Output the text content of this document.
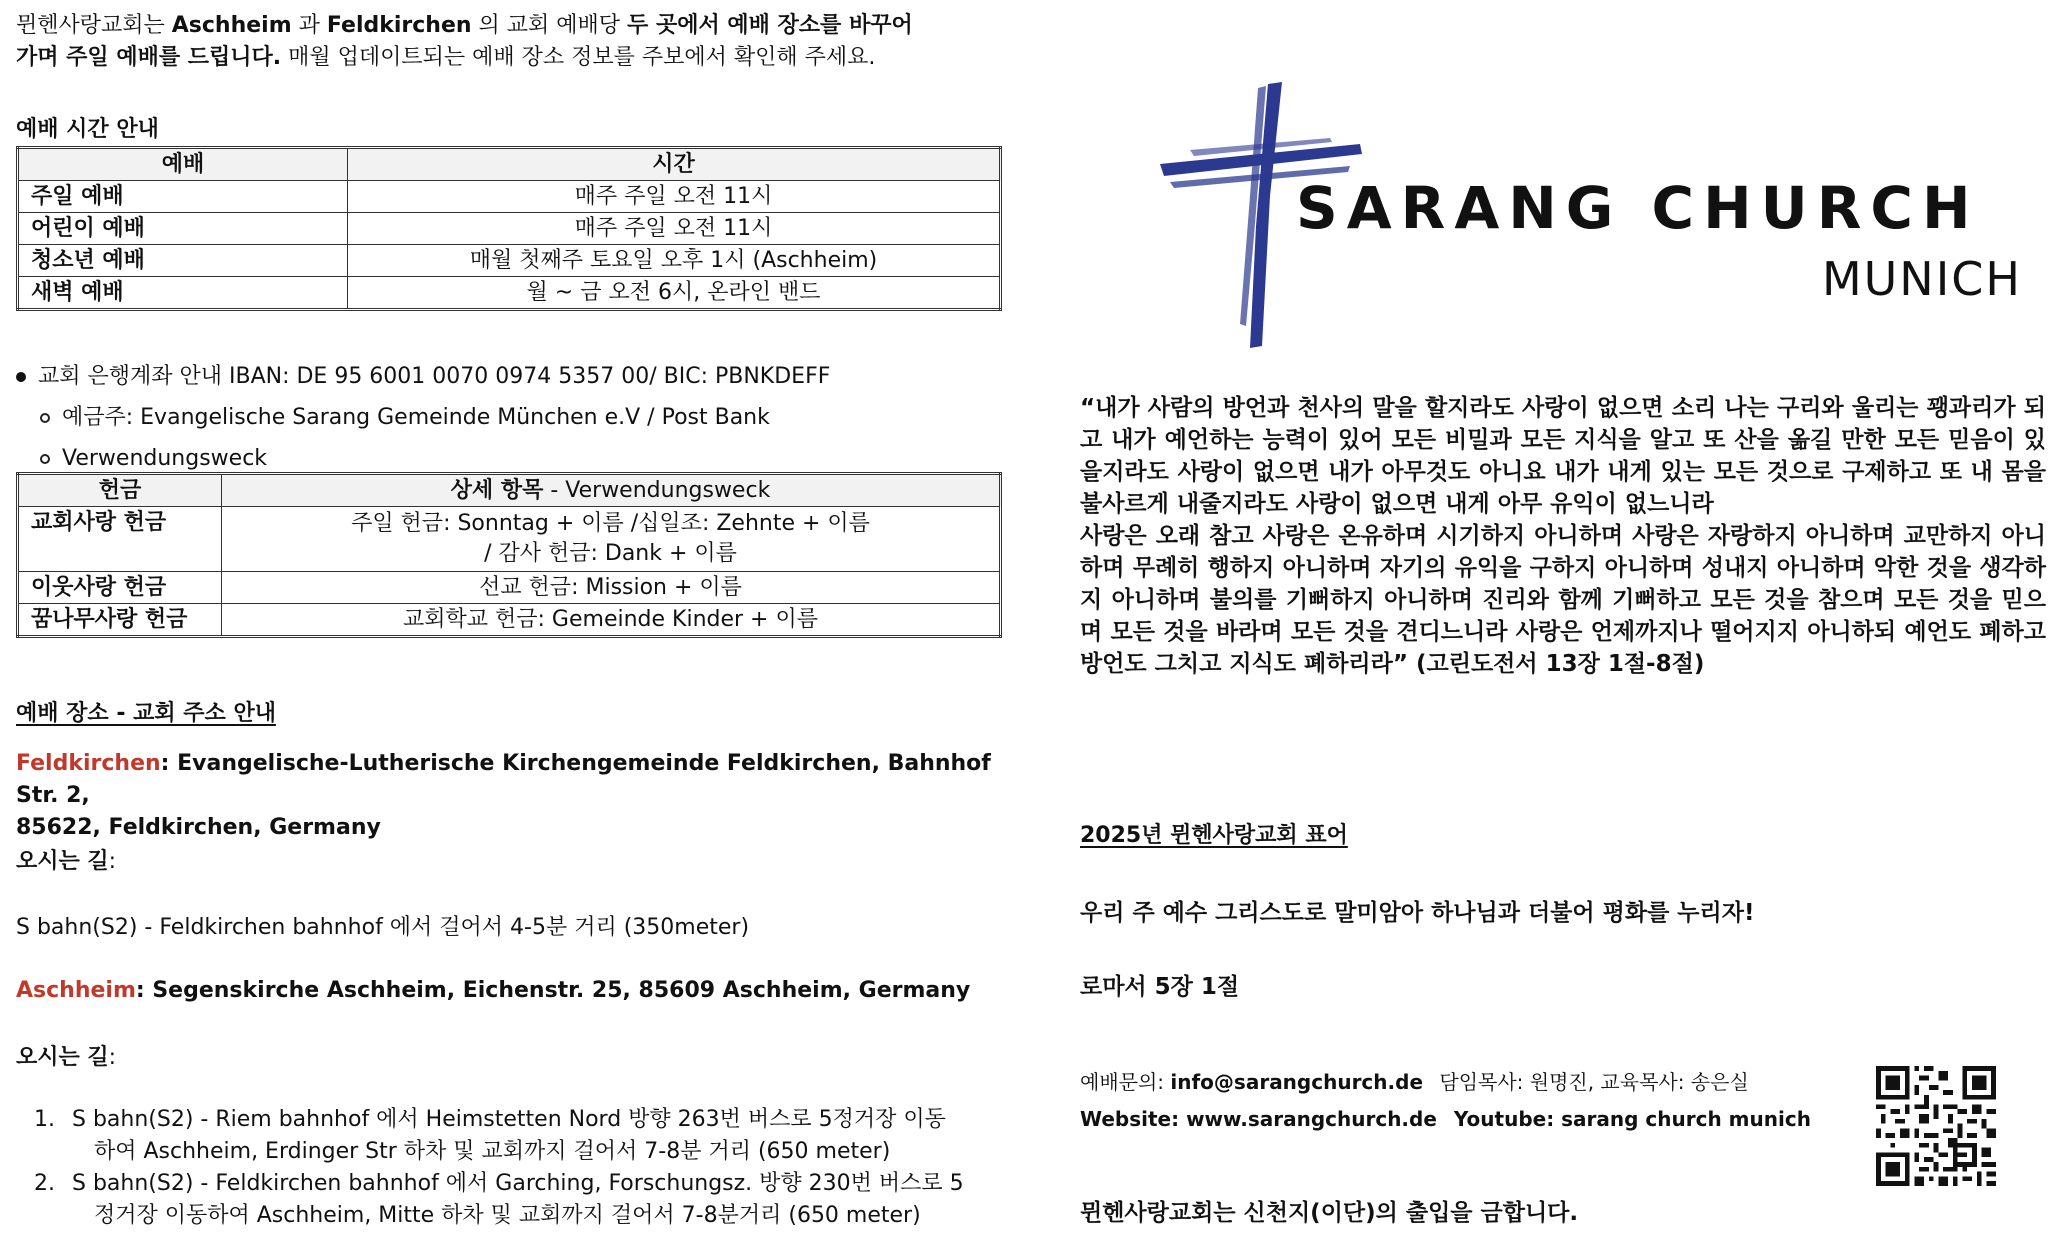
뮌헨사랑교회는 Aschheim 과 Feldkirchen 의 교회 예배당 두 곳에서 예배 장소를 바꾸어
가며 주일 예배를 드립니다. 매월 업데이트되는 예배 장소 정보를 주보에서 확인해 주세요.
예배 시간 안내
예배	시간
주일 예배	매주 주일 오전 11시
어린이 예배	매주 주일 오전 11시
청소년 예배	매월 첫째주 토요일 오후 1시 (Aschheim)
새벽 예배	월 ~ 금 오전 6시, 온라인 밴드
교회 은행계좌 안내 IBAN: DE 95 6001 0070 0974 5357 00/ BIC: PBNKDEFF
예금주: Evangelische Sarang Gemeinde München e.V / Post Bank
Verwendungsweck
헌금	상세 항목 - Verwendungsweck
교회사랑 헌금	주일 헌금: Sonntag + 이름 /십일조: Zehnte + 이름
/ 감사 헌금: Dank + 이름
이웃사랑 헌금	선교 헌금: Mission + 이름
꿈나무사랑 헌금	교회학교 헌금: Gemeinde Kinder + 이름
예배 장소 - 교회 주소 안내
Feldkirchen: Evangelische-Lutherische Kirchengemeinde Feldkirchen, Bahnhof Str. 2,
85622, Feldkirchen, Germany
오시는 길:
S bahn(S2) - Feldkirchen bahnhof 에서 걸어서 4-5분 거리 (350meter)
Aschheim: Segenskirche Aschheim, Eichenstr. 25, 85609 Aschheim, Germany
오시는 길:
1. S bahn(S2) - Riem bahnhof 에서 Heimstetten Nord 방향 263번 버스로 5정거장 이동
하여 Aschheim, Erdinger Str 하차 및 교회까지 걸어서 7-8분 거리 (650 meter)
2. S bahn(S2) - Feldkirchen bahnhof 에서 Garching, Forschungsz. 방향 230번 버스로 5
정거장 이동하여 Aschheim, Mitte 하차 및 교회까지 걸어서 7-8분거리 (650 meter)
SARANG CHURCH
MUNICH
“내가 사람의 방언과 천사의 말을 할지라도 사랑이 없으면 소리 나는 구리와 울리는 꽹과리가 되고 내가 예언하는 능력이 있어 모든 비밀과 모든 지식을 알고 또 산을 옮길 만한 모든 믿음이 있을지라도 사랑이 없으면 내가 아무것도 아니요 내가 내게 있는 모든 것으로 구제하고 또 내 몸을 불사르게 내줄지라도 사랑이 없으면 내게 아무 유익이 없느니라
사랑은 오래 참고 사랑은 온유하며 시기하지 아니하며 사랑은 자랑하지 아니하며 교만하지 아니하며 무례히 행하지 아니하며 자기의 유익을 구하지 아니하며 성내지 아니하며 악한 것을 생각하지 아니하며 불의를 기뻐하지 아니하며 진리와 함께 기뻐하고 모든 것을 참으며 모든 것을 믿으며 모든 것을 바라며 모든 것을 견디느니라 사랑은 언제까지나 떨어지지 아니하되 예언도 폐하고 방언도 그치고 지식도 폐하리라” (고린도전서 13장 1절-8절)
2025년 뮌헨사랑교회 표어
우리 주 예수 그리스도로 말미암아 하나님과 더불어 평화를 누리자!
로마서 5장 1절
예배문의: info@sarangchurch.de 담임목사: 원명진, 교육목사: 송은실
Website: www.sarangchurch.de Youtube: sarang church munich
뮌헨사랑교회는 신천지(이단)의 출입을 금합니다.
